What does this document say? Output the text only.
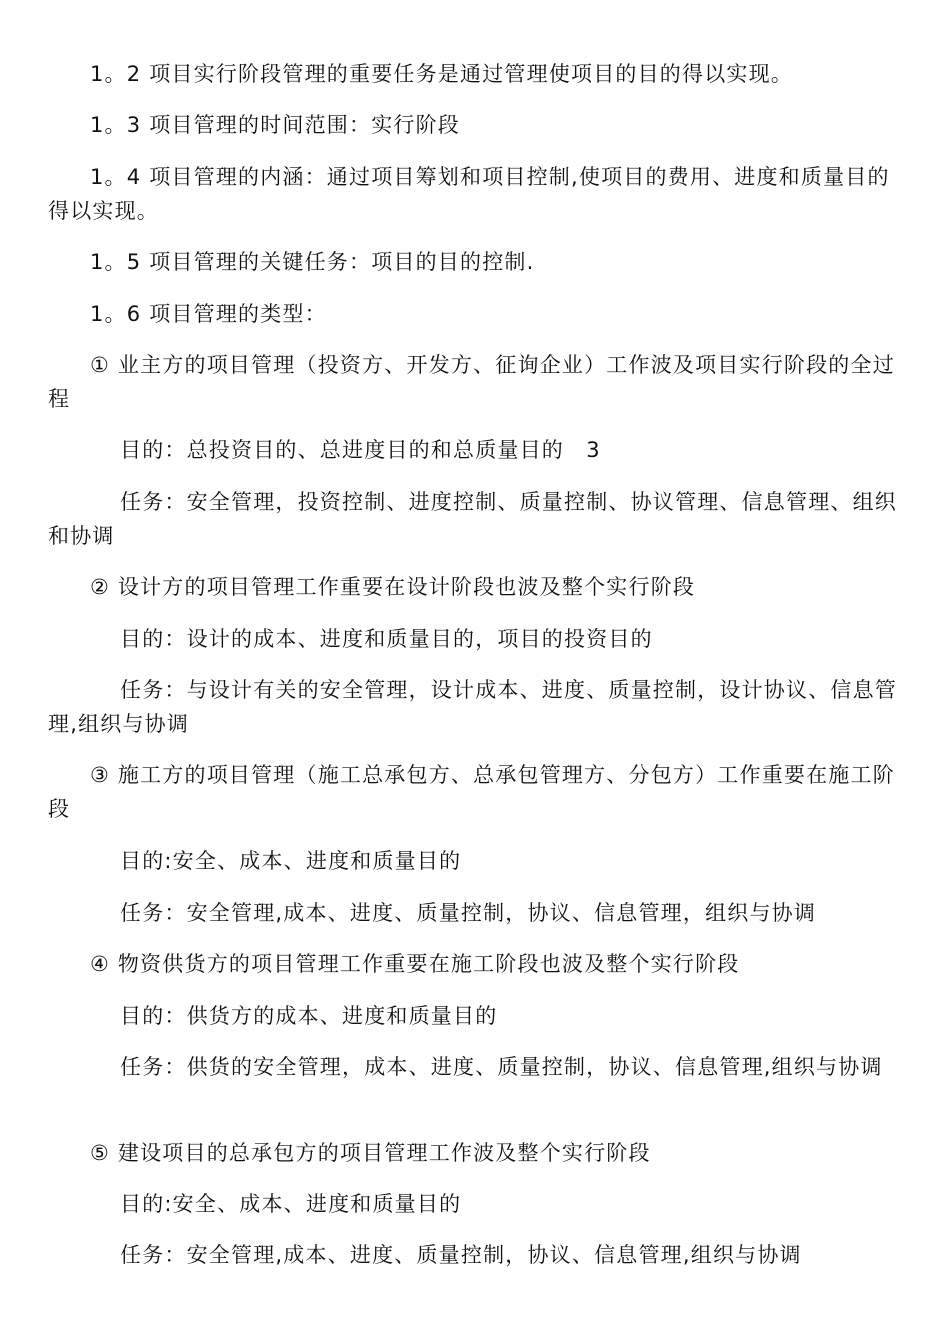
1。2 项目实行阶段管理的重要任务是通过管理使项目的目的得以实现。
1。3 项目管理的时间范围：实行阶段
1。4 项目管理的内涵：通过项目筹划和项目控制,使项目的费用、进度和质量目的得以实现。
1。5 项目管理的关键任务：项目的目的控制.
1。6 项目管理的类型：
① 业主方的项目管理（投资方、开发方、征询企业）工作波及项目实行阶段的全过程
目的：总投资目的、总进度目的和总质量目的　3
任务：安全管理，投资控制、进度控制、质量控制、协议管理、信息管理、组织和协调
② 设计方的项目管理工作重要在设计阶段也波及整个实行阶段
目的：设计的成本、进度和质量目的，项目的投资目的
任务：与设计有关的安全管理，设计成本、进度、质量控制，设计协议、信息管理,组织与协调
③ 施工方的项目管理（施工总承包方、总承包管理方、分包方）工作重要在施工阶段
目的:安全、成本、进度和质量目的
任务：安全管理,成本、进度、质量控制，协议、信息管理，组织与协调
④ 物资供货方的项目管理工作重要在施工阶段也波及整个实行阶段
目的：供货方的成本、进度和质量目的
任务：供货的安全管理，成本、进度、质量控制，协议、信息管理,组织与协调
⑤ 建设项目的总承包方的项目管理工作波及整个实行阶段
目的:安全、成本、进度和质量目的
任务：安全管理,成本、进度、质量控制，协议、信息管理,组织与协调
